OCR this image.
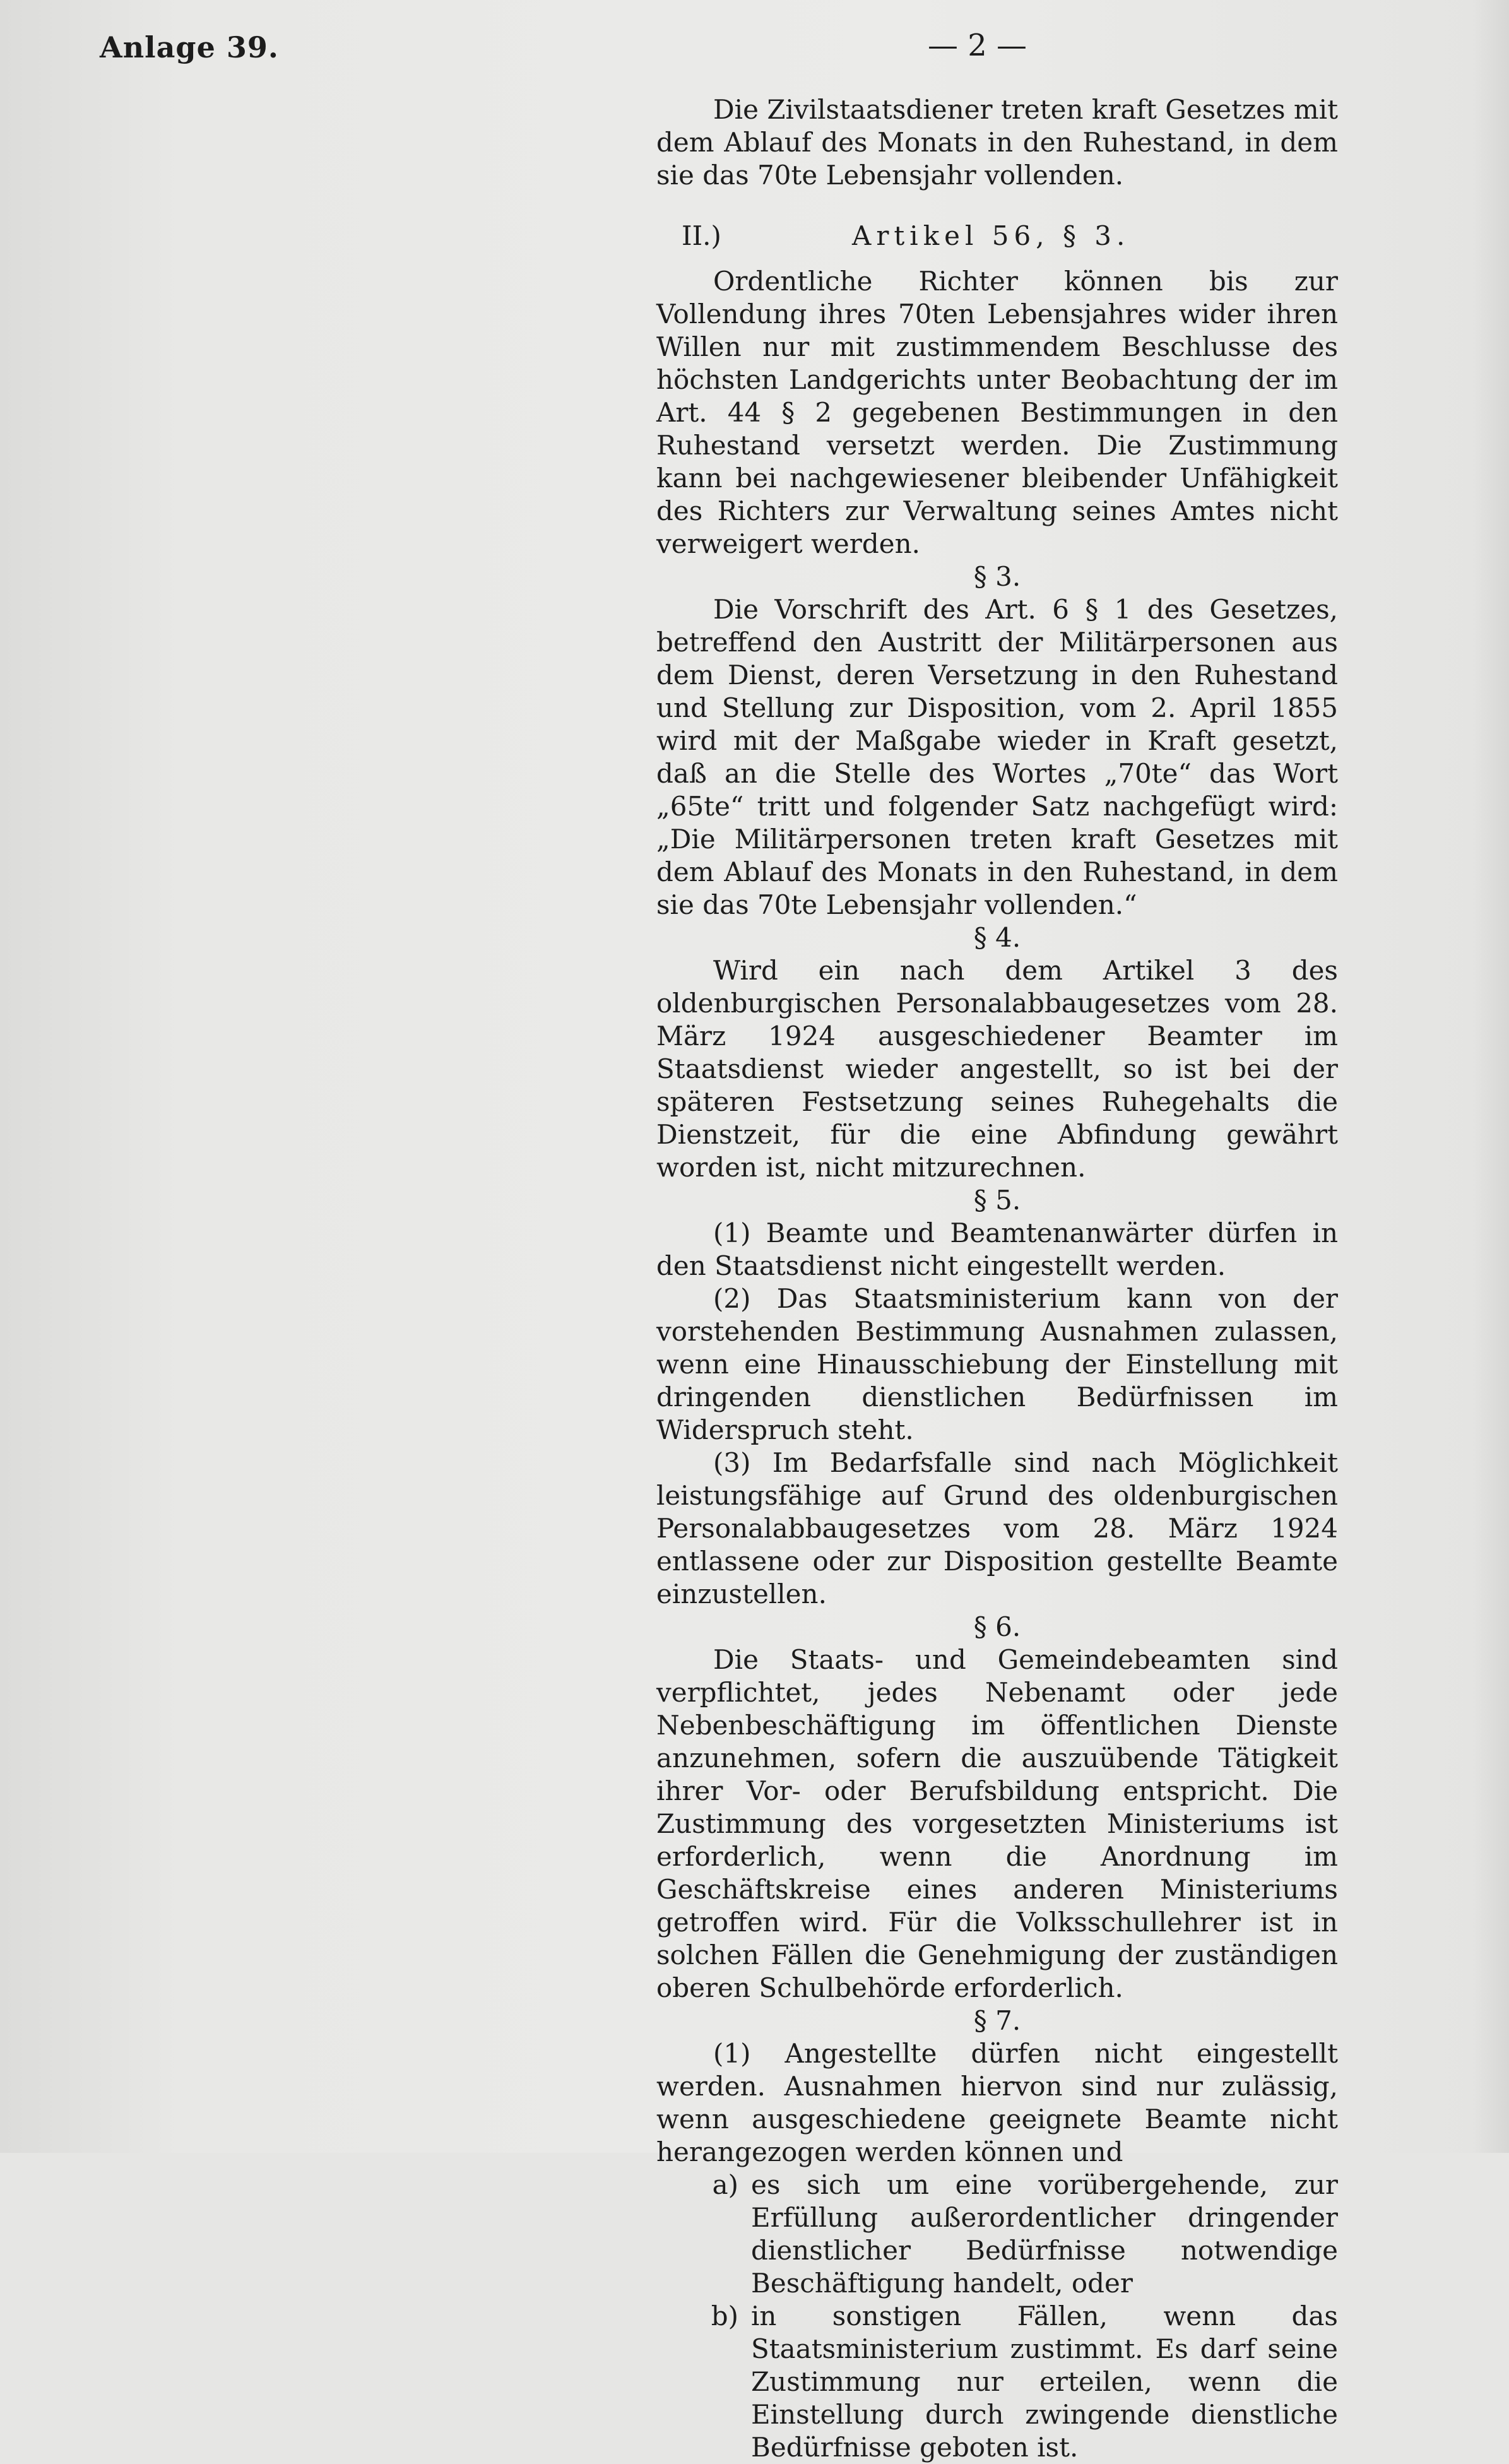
Anlage 39.	— 2 —

Die Zivilstaatsdiener treten kraft Gesetzes mit dem Ablauf des Monats in den Ruhestand, in dem sie das 70te Lebensjahr vollenden.

II.)	Artikel 56, § 3.

Ordentliche Richter können bis zur Vollendung ihres 70ten Lebensjahres wider ihren Willen nur mit zustimmendem Beschlusse des höchsten Landgerichts unter Beobachtung der im Art. 44 § 2 gegebenen Bestimmungen in den Ruhestand versetzt werden. Die Zustimmung kann bei nachgewiesener bleibender Unfähigkeit des Richters zur Verwaltung seines Amtes nicht verweigert werden.

§ 3.

Die Vorschrift des Art. 6 § 1 des Gesetzes, betreffend den Austritt der Militärpersonen aus dem Dienst, deren Versetzung in den Ruhestand und Stellung zur Disposition, vom 2. April 1855 wird mit der Maßgabe wieder in Kraft gesetzt, daß an die Stelle des Wortes „70te“ das Wort „65te“ tritt und folgender Satz nachgefügt wird: „Die Militärpersonen treten kraft Gesetzes mit dem Ablauf des Monats in den Ruhestand, in dem sie das 70te Lebensjahr vollenden.“

§ 4.

Wird ein nach dem Artikel 3 des oldenburgischen Personalabbaugesetzes vom 28. März 1924 ausgeschiedener Beamter im Staatsdienst wieder angestellt, so ist bei der späteren Festsetzung seines Ruhegehalts die Dienstzeit, für die eine Abfindung gewährt worden ist, nicht mitzurechnen.

§ 5.

(1) Beamte und Beamtenanwärter dürfen in den Staatsdienst nicht eingestellt werden.

(2) Das Staatsministerium kann von der vorstehenden Bestimmung Ausnahmen zulassen, wenn eine Hinausschiebung der Einstellung mit dringenden dienstlichen Bedürfnissen im Widerspruch steht.

(3) Im Bedarfsfalle sind nach Möglichkeit leistungsfähige auf Grund des oldenburgischen Personalabbaugesetzes vom 28. März 1924 entlassene oder zur Disposition gestellte Beamte einzustellen.

§ 6.

Die Staats- und Gemeindebeamten sind verpflichtet, jedes Nebenamt oder jede Nebenbeschäftigung im öffentlichen Dienste anzunehmen, sofern die auszuübende Tätigkeit ihrer Vor- oder Berufsbildung entspricht. Die Zustimmung des vorgesetzten Ministeriums ist erforderlich, wenn die Anordnung im Geschäftskreise eines anderen Ministeriums getroffen wird. Für die Volksschullehrer ist in solchen Fällen die Genehmigung der zuständigen oberen Schulbehörde erforderlich.

§ 7.

(1) Angestellte dürfen nicht eingestellt werden. Ausnahmen hiervon sind nur zulässig, wenn ausgeschiedene geeignete Beamte nicht herangezogen werden können und

a) es sich um eine vorübergehende, zur Erfüllung außerordentlicher dringender dienstlicher Bedürfnisse notwendige Beschäftigung handelt, oder
b) in sonstigen Fällen, wenn das Staatsministerium zustimmt. Es darf seine Zustimmung nur erteilen, wenn die Einstellung durch zwingende dienstliche Bedürfnisse geboten ist.
